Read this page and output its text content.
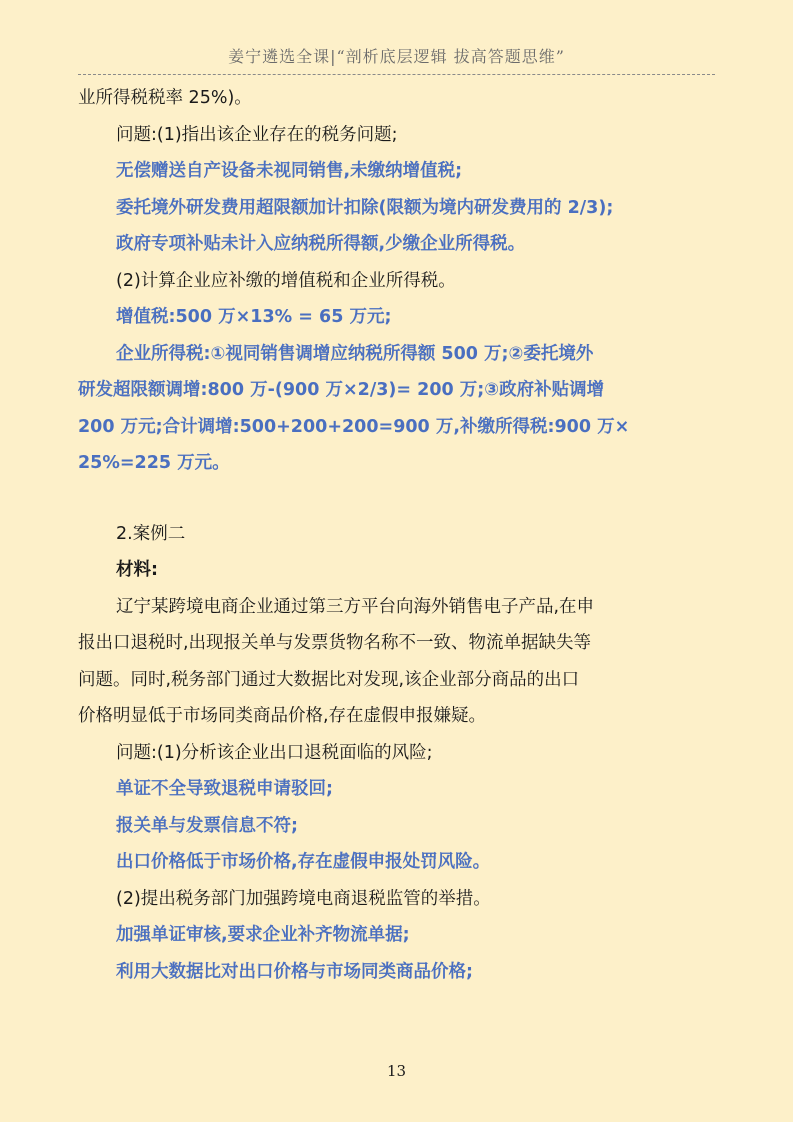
姜宁遴选全课|“剖析底层逻辑 拔高答题思维”
业所得税税率 25%)。
问题:(1)指出该企业存在的税务问题;
无偿赠送自产设备未视同销售,未缴纳增值税;
委托境外研发费用超限额加计扣除(限额为境内研发费用的 2/3);
政府专项补贴未计入应纳税所得额,少缴企业所得税。
(2)计算企业应补缴的增值税和企业所得税。
增值税:500 万×13% = 65 万元;
企业所得税:①视同销售调增应纳税所得额 500 万;②委托境外
研发超限额调增:800 万-(900 万×2/3)= 200 万;③政府补贴调增
200 万元;合计调增:500+200+200=900 万,补缴所得税:900 万×
25%=225 万元。
2.案例二
材料:
辽宁某跨境电商企业通过第三方平台向海外销售电子产品,在申
报出口退税时,出现报关单与发票货物名称不一致、物流单据缺失等
问题。同时,税务部门通过大数据比对发现,该企业部分商品的出口
价格明显低于市场同类商品价格,存在虚假申报嫌疑。
问题:(1)分析该企业出口退税面临的风险;
单证不全导致退税申请驳回;
报关单与发票信息不符;
出口价格低于市场价格,存在虚假申报处罚风险。
(2)提出税务部门加强跨境电商退税监管的举措。
加强单证审核,要求企业补齐物流单据;
利用大数据比对出口价格与市场同类商品价格;
13
